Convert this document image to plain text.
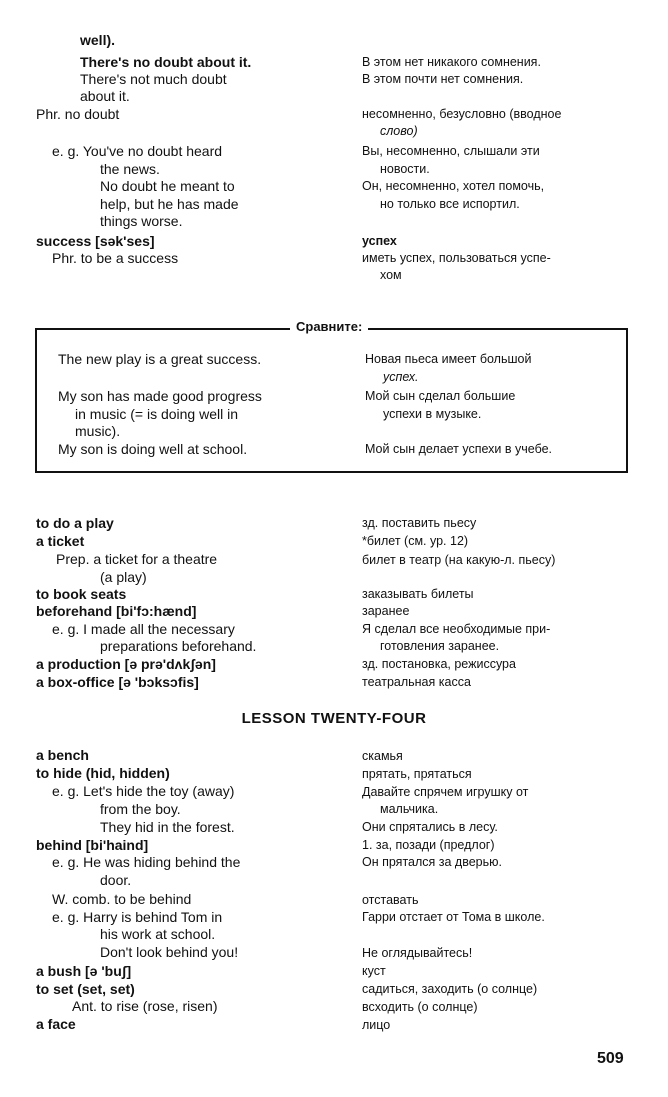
well).
There's no doubt about it.	В этом нет никакого сомнения.
There's not much doubt	В этом почти нет сомнения.
about it.
Phr. no doubt	несомненно, безусловно (вводное
слово)
e. g. You've no doubt heard	Вы, несомненно, слышали эти
the news.	новости.
No doubt he meant to	Он, несомненно, хотел помочь,
help, but he has made	но только все испортил.
things worse.
success [sək'ses]	успех
Phr. to be a success	иметь успех, пользоваться успе-
хом
Сравните:
The new play is a great success.	Новая пьеса имеет большой
успех.
My son has made good progress	Мой сын сделал большие
in music (= is doing well in	успехи в музыке.
music).
My son is doing well at school.	Мой сын делает успехи в учебе.
to do a play	зд. поставить пьесу
a ticket	*билет (см. ур. 12)
Prep. a ticket for a theatre	билет в театр (на какую-л. пьесу)
(a play)
to book seats	заказывать билеты
beforehand [bi'fɔ:hænd]	заранее
e. g. I made all the necessary	Я сделал все необходимые при-
preparations beforehand.	готовления заранее.
a production [ə prə'dʌkʃən]	зд. постановка, режиссура
a box-office [ə 'bɔksɔfis]	театральная касса
LESSON TWENTY-FOUR
a bench	скамья
to hide (hid, hidden)	прятать, прятаться
e. g. Let's hide the toy (away)	Давайте спрячем игрушку от
from the boy.	мальчика.
They hid in the forest.	Они спрятались в лесу.
behind [bi'haind]	1. за, позади (предлог)
e. g. He was hiding behind the	Он прятался за дверью.
door.
W. comb. to be behind	отставать
e. g. Harry is behind Tom in	Гарри отстает от Тома в школе.
his work at school.
Don't look behind you!	Не оглядывайтесь!
a bush [ə 'buʃ]	куст
to set (set, set)	садиться, заходить (о солнце)
Ant. to rise (rose, risen)	всходить (о солнце)
a face	лицо
509
